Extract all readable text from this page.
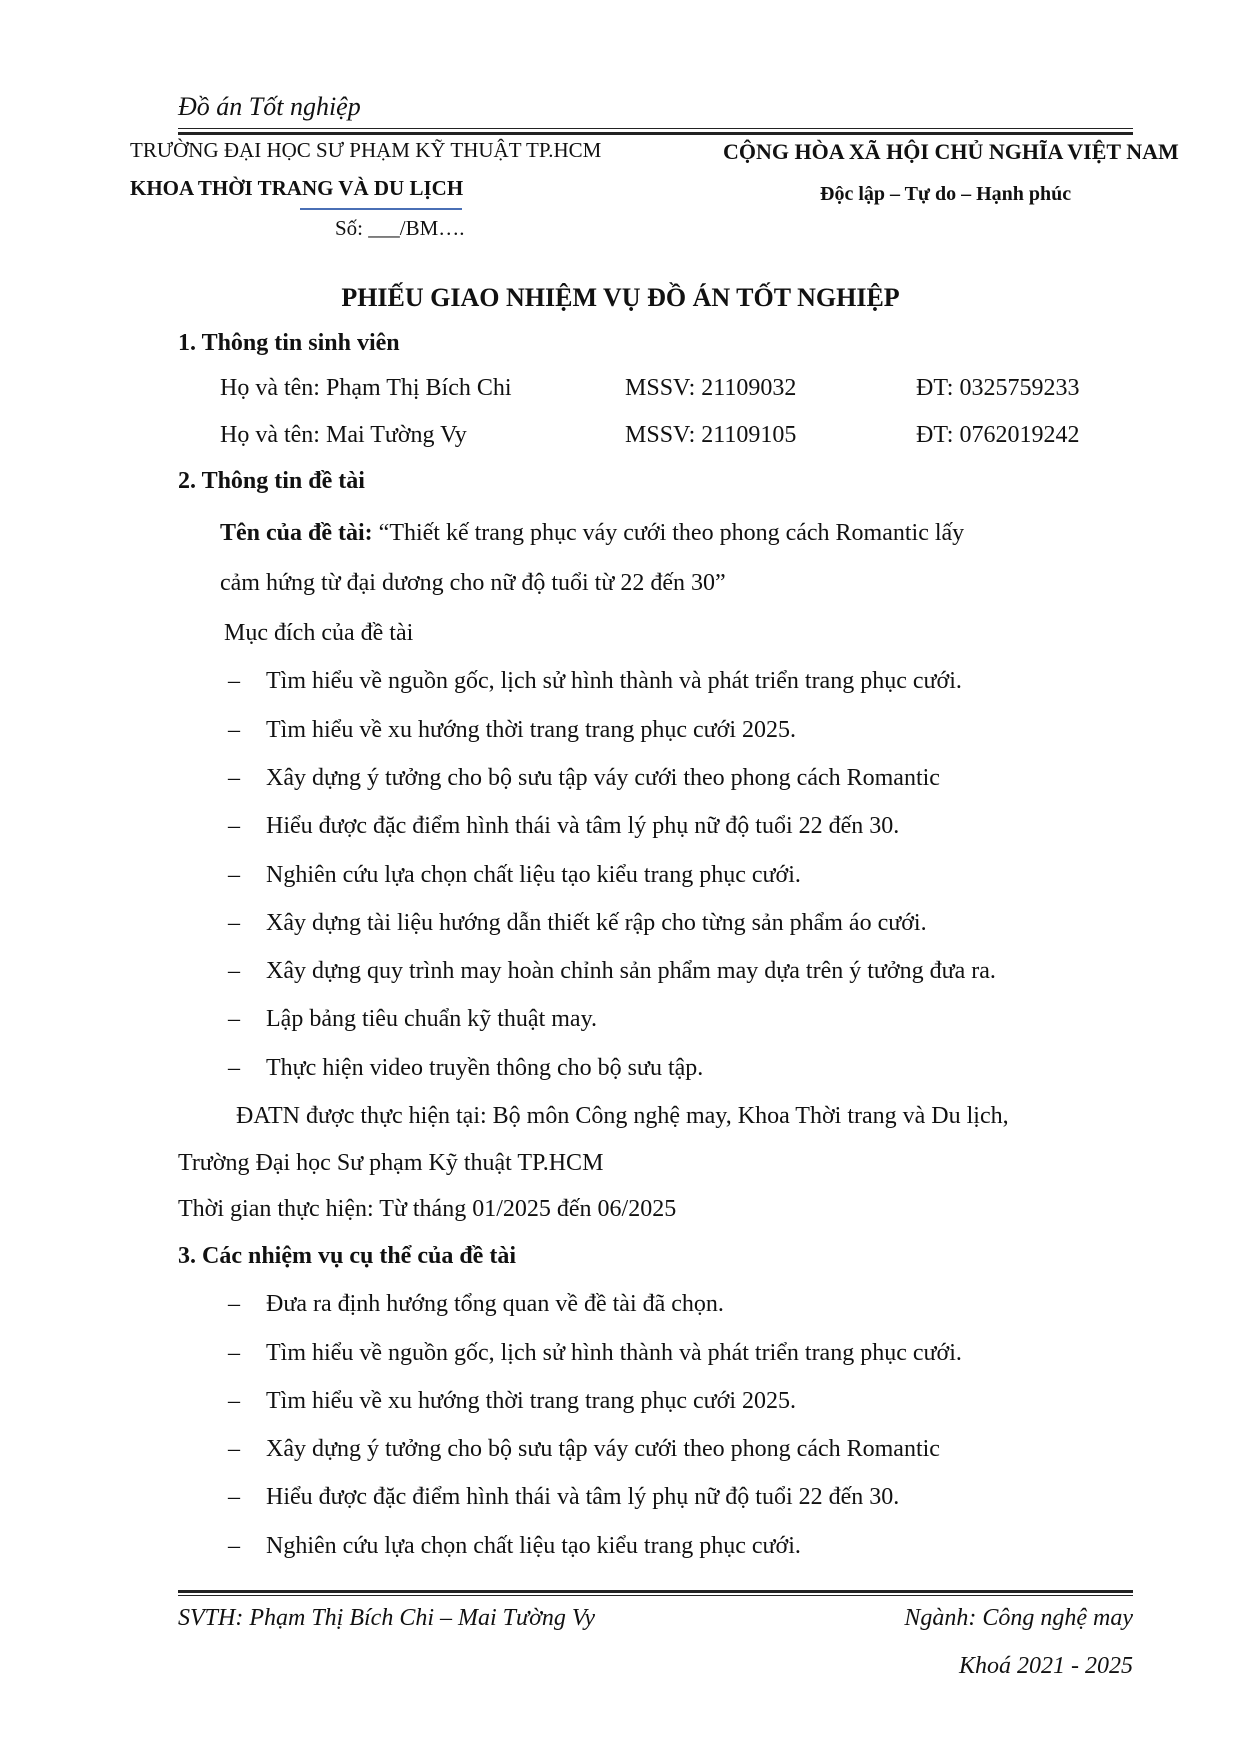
Đồ án Tốt nghiệp
TRƯỜNG ĐẠI HỌC SƯ PHẠM KỸ THUẬT TP.HCM
KHOA THỜI TRANG VÀ DU LỊCH
Số: ___/BM….
CỘNG HÒA XÃ HỘI CHỦ NGHĨA VIỆT NAM
Độc lập – Tự do – Hạnh phúc
PHIẾU GIAO NHIỆM VỤ ĐỒ ÁN TỐT NGHIỆP
1. Thông tin sinh viên
Họ và tên: Phạm Thị Bích Chi	MSSV: 21109032	ĐT: 0325759233
Họ và tên: Mai Tường Vy	MSSV: 21109105	ĐT: 0762019242
2. Thông tin đề tài
Tên của đề tài: “Thiết kế trang phục váy cưới theo phong cách Romantic lấy
cảm hứng từ đại dương cho nữ độ tuổi từ 22 đến 30”
Mục đích của đề tài
– Tìm hiểu về nguồn gốc, lịch sử hình thành và phát triển trang phục cưới.
– Tìm hiểu về xu hướng thời trang trang phục cưới 2025.
– Xây dựng ý tưởng cho bộ sưu tập váy cưới theo phong cách Romantic
– Hiểu được đặc điểm hình thái và tâm lý phụ nữ độ tuổi 22 đến 30.
– Nghiên cứu lựa chọn chất liệu tạo kiểu trang phục cưới.
– Xây dựng tài liệu hướng dẫn thiết kế rập cho từng sản phẩm áo cưới.
– Xây dựng quy trình may hoàn chỉnh sản phẩm may dựa trên ý tưởng đưa ra.
– Lập bảng tiêu chuẩn kỹ thuật may.
– Thực hiện video truyền thông cho bộ sưu tập.
ĐATN được thực hiện tại: Bộ môn Công nghệ may, Khoa Thời trang và Du lịch,
Trường Đại học Sư phạm Kỹ thuật TP.HCM
Thời gian thực hiện: Từ tháng 01/2025 đến 06/2025
3. Các nhiệm vụ cụ thể của đề tài
– Đưa ra định hướng tổng quan về đề tài đã chọn.
– Tìm hiểu về nguồn gốc, lịch sử hình thành và phát triển trang phục cưới.
– Tìm hiểu về xu hướng thời trang trang phục cưới 2025.
– Xây dựng ý tưởng cho bộ sưu tập váy cưới theo phong cách Romantic
– Hiểu được đặc điểm hình thái và tâm lý phụ nữ độ tuổi 22 đến 30.
– Nghiên cứu lựa chọn chất liệu tạo kiểu trang phục cưới.
SVTH: Phạm Thị Bích Chi – Mai Tường Vy	Ngành: Công nghệ may
Khoá 2021 - 2025
